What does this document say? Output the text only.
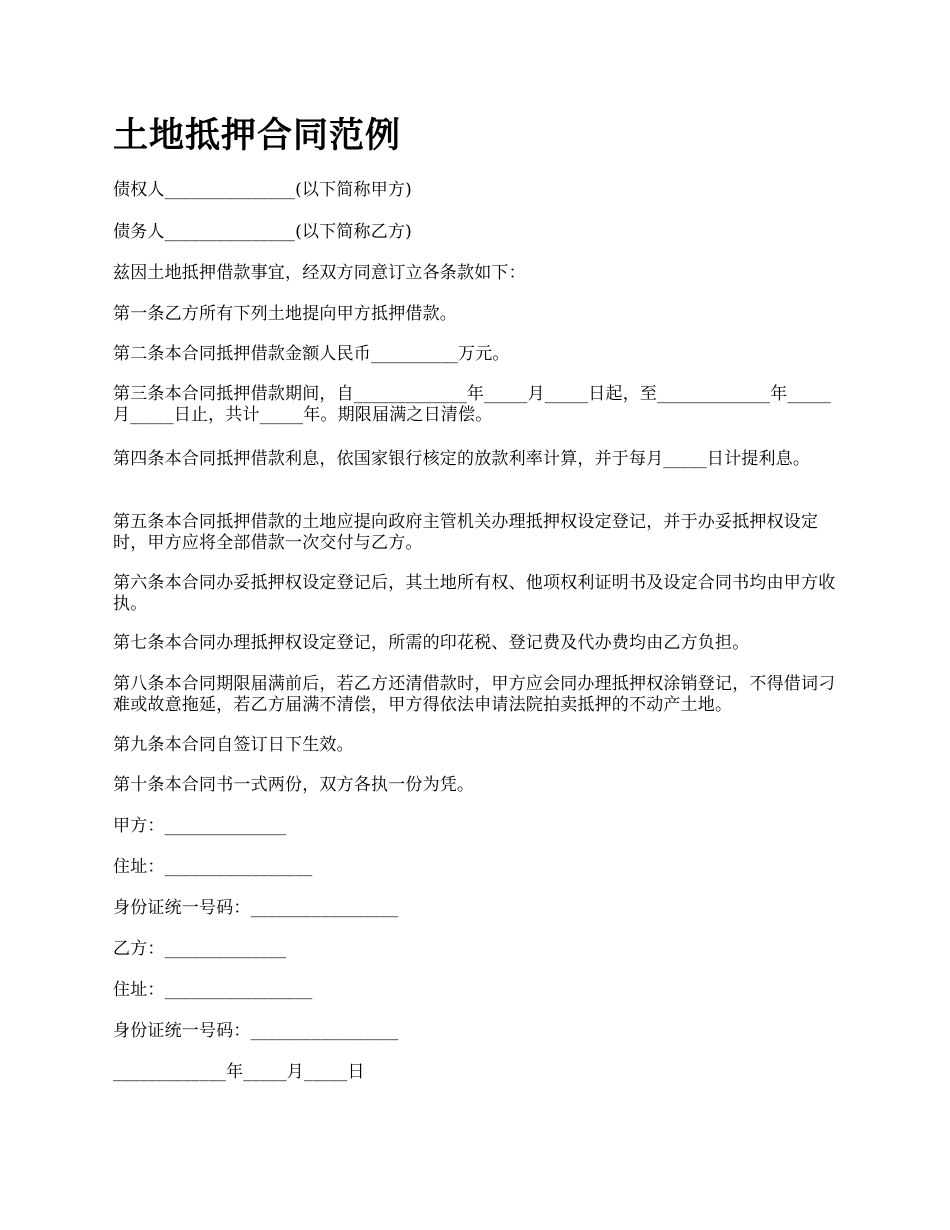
土地抵押合同范例

债权人_______________(以下简称甲方)

债务人_______________(以下简称乙方)

兹因土地抵押借款事宜，经双方同意订立各条款如下：

第一条乙方所有下列土地提向甲方抵押借款。

第二条本合同抵押借款金额人民币__________万元。

第三条本合同抵押借款期间，自_____________年_____月_____日起，至_____________年_____月_____日止，共计_____年。期限届满之日清偿。

第四条本合同抵押借款利息，依国家银行核定的放款利率计算，并于每月_____日计提利息。

第五条本合同抵押借款的土地应提向政府主管机关办理抵押权设定登记，并于办妥抵押权设定时，甲方应将全部借款一次交付与乙方。

第六条本合同办妥抵押权设定登记后，其土地所有权、他项权利证明书及设定合同书均由甲方收执。

第七条本合同办理抵押权设定登记，所需的印花税、登记费及代办费均由乙方负担。

第八条本合同期限届满前后，若乙方还清借款时，甲方应会同办理抵押权涂销登记，不得借词刁难或故意拖延，若乙方届满不清偿，甲方得依法申请法院拍卖抵押的不动产土地。

第九条本合同自签订日下生效。

第十条本合同书一式两份，双方各执一份为凭。

甲方：______________

住址：_________________

身份证统一号码：_________________

乙方：______________

住址：_________________

身份证统一号码：_________________

_____________年_____月_____日
